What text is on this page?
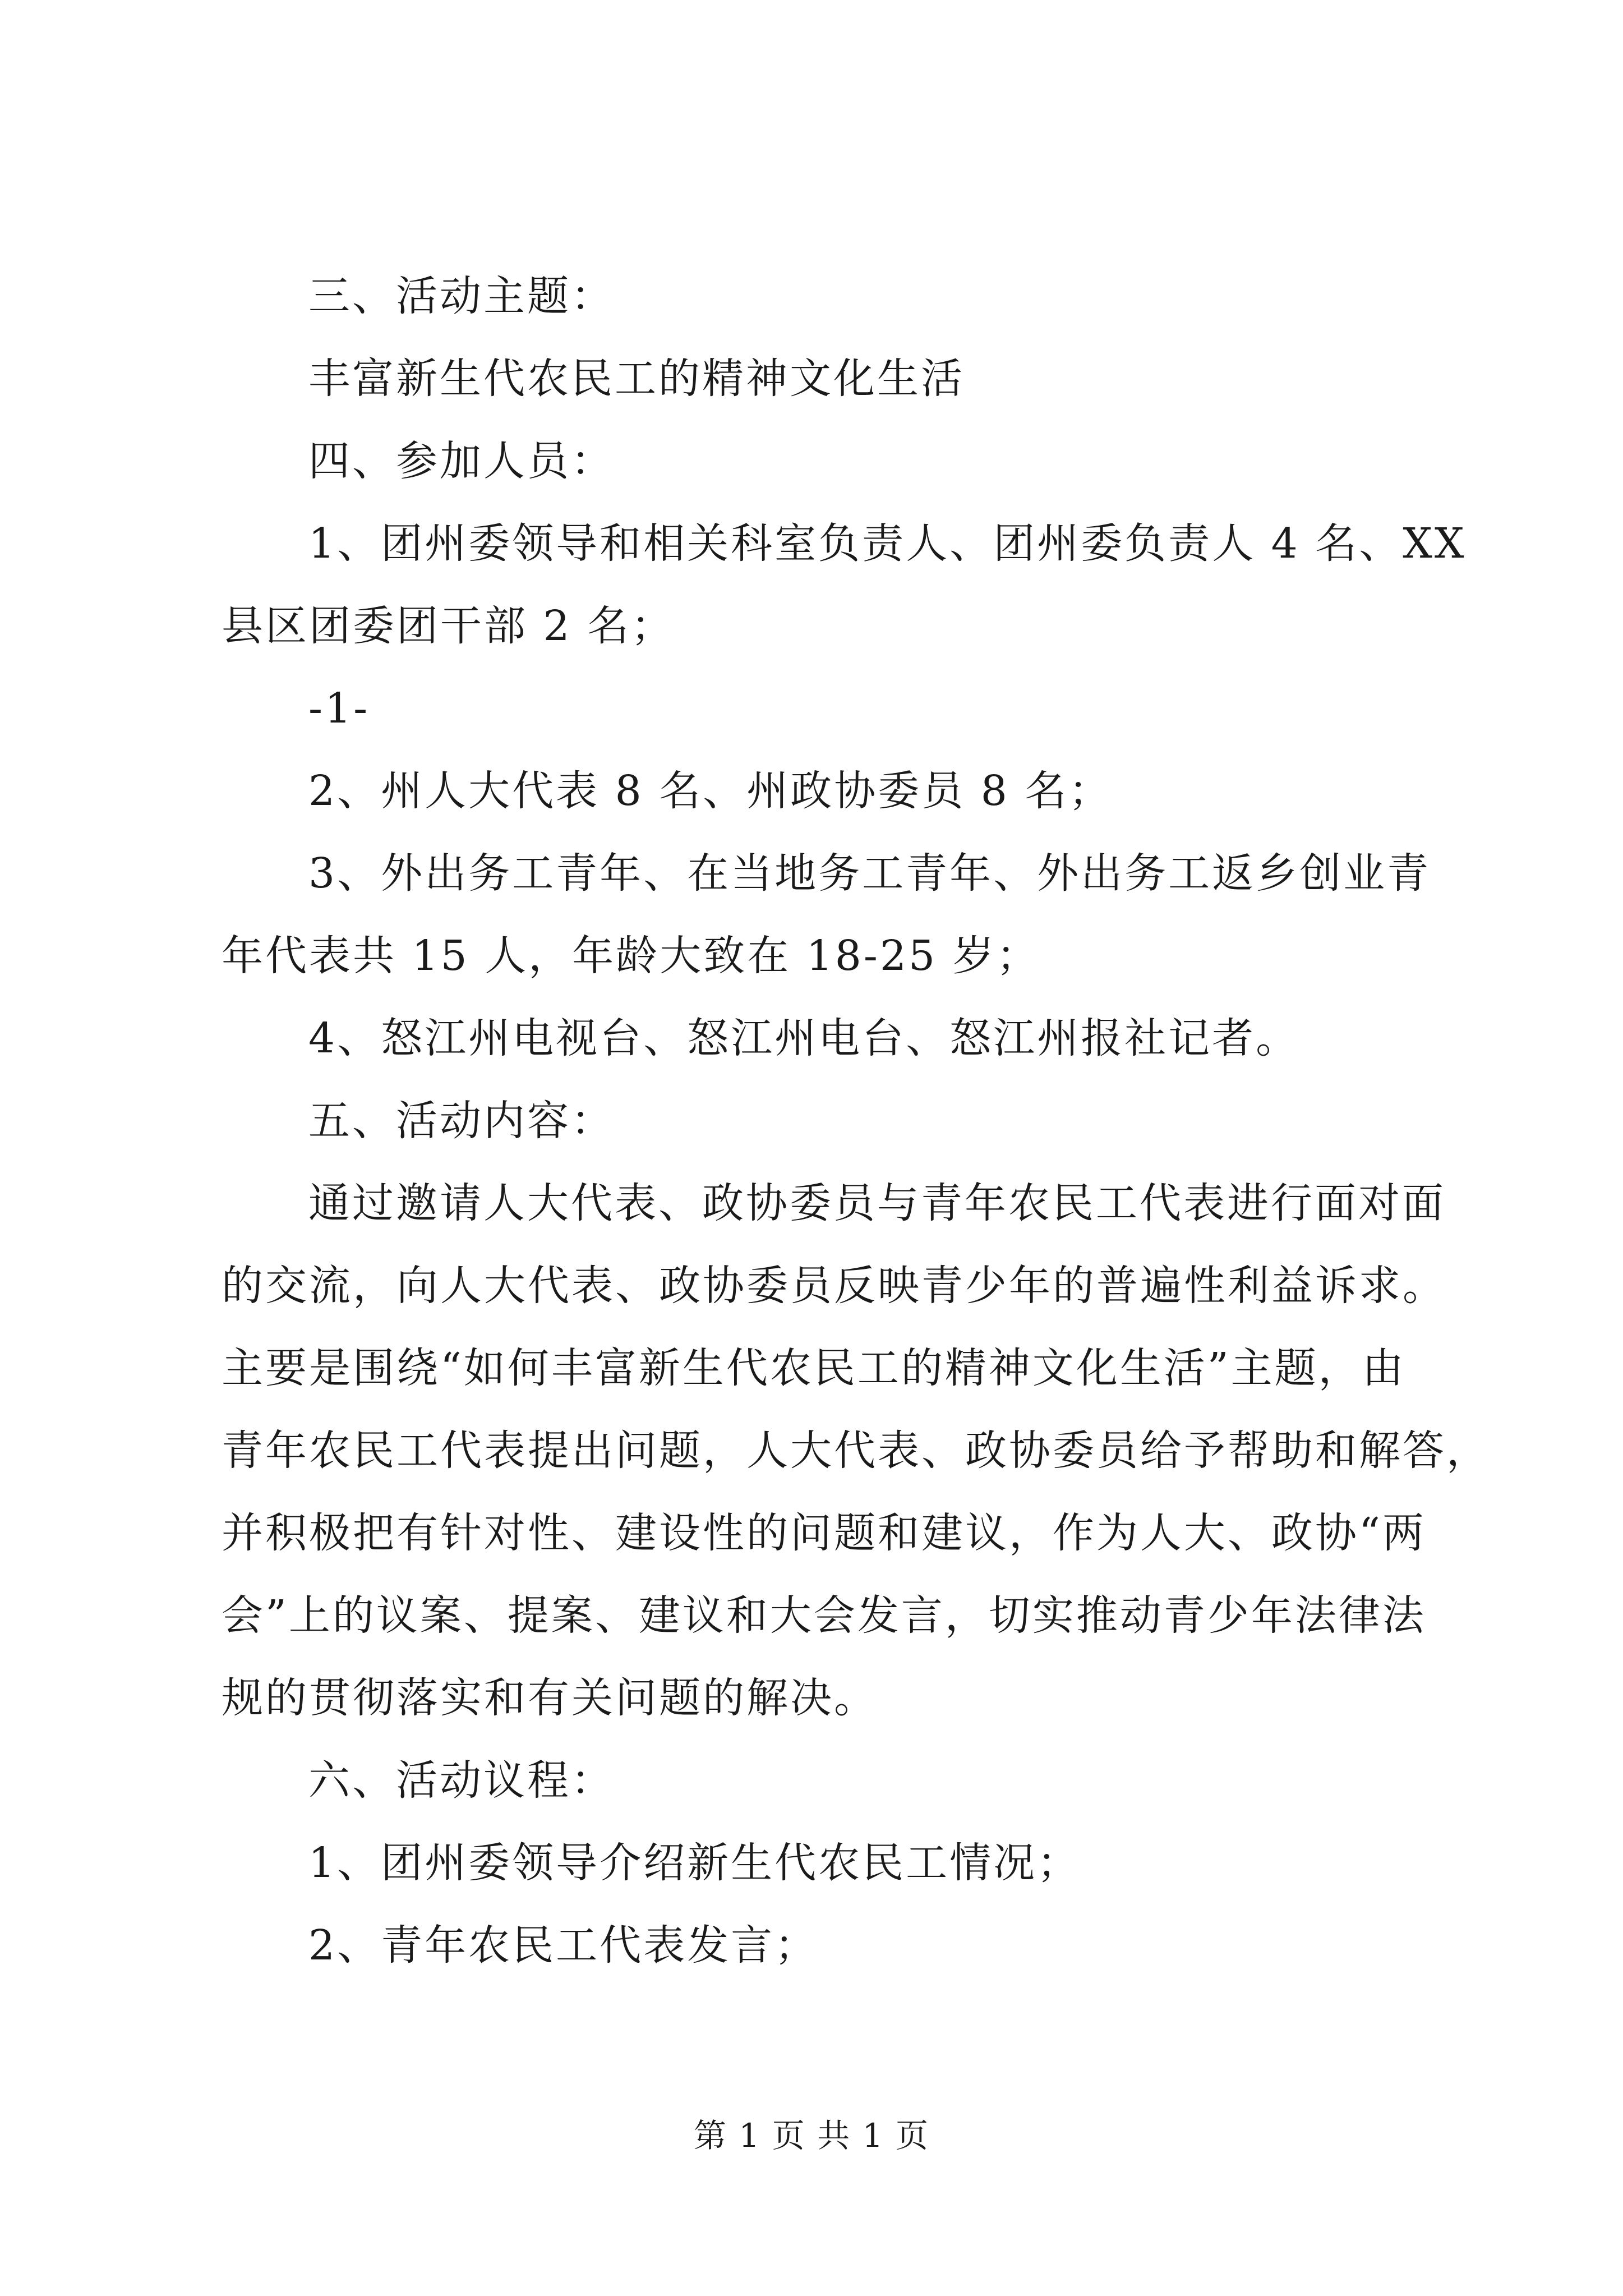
三、活动主题：
丰富新生代农民工的精神文化生活
四、参加人员：
1、团州委领导和相关科室负责人、团州委负责人 4 名、XX
县区团委团干部 2 名；
-1-
2、州人大代表 8 名、州政协委员 8 名；
3、外出务工青年、在当地务工青年、外出务工返乡创业青
年代表共 15 人，年龄大致在 18-25 岁；
4、怒江州电视台、怒江州电台、怒江州报社记者。
五、活动内容：
通过邀请人大代表、政协委员与青年农民工代表进行面对面
的交流，向人大代表、政协委员反映青少年的普遍性利益诉求。
主要是围绕“如何丰富新生代农民工的精神文化生活”主题，由
青年农民工代表提出问题，人大代表、政协委员给予帮助和解答，
并积极把有针对性、建设性的问题和建议，作为人大、政协“两
会”上的议案、提案、建议和大会发言，切实推动青少年法律法
规的贯彻落实和有关问题的解决。
六、活动议程：
1、团州委领导介绍新生代农民工情况；
2、青年农民工代表发言；
第 1 页 共 1 页
